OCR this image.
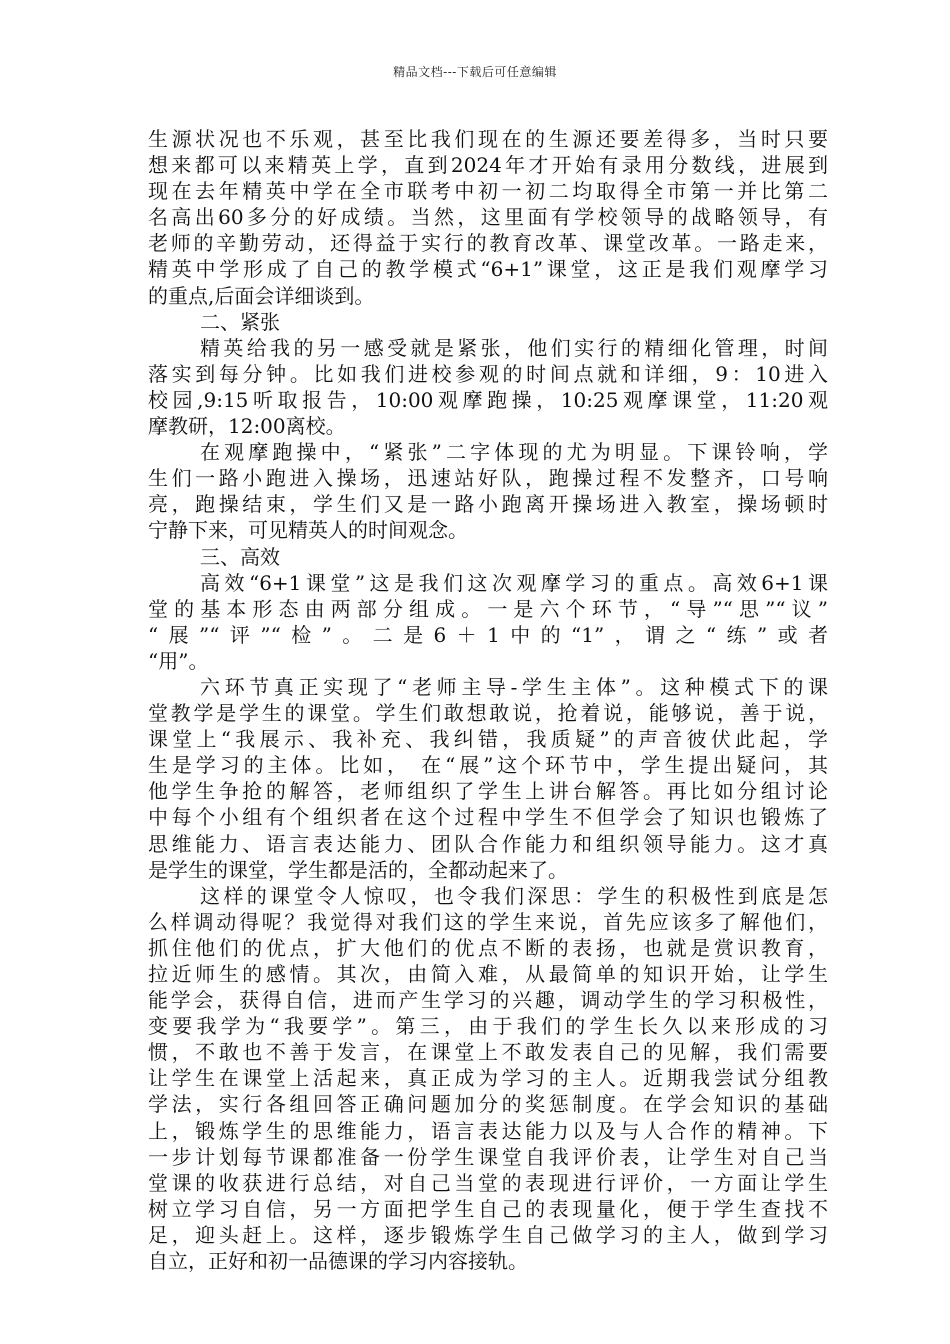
精品文档---下载后可任意编辑
生源状况也不乐观，甚至比我们现在的生源还要差得多，当时只要
想来都可以来精英上学，直到2024年才开始有录用分数线，进展到
现在去年精英中学在全市联考中初一初二均取得全市第一并比第二
名高出60多分的好成绩。当然，这里面有学校领导的战略领导，有
老师的辛勤劳动，还得益于实行的教育改革、课堂改革。一路走来，
精英中学形成了自己的教学模式“6+1”课堂，这正是我们观摩学习
的重点,后面会详细谈到。
二、紧张
精英给我的另一感受就是紧张，他们实行的精细化管理，时间
落实到每分钟。比如我们进校参观的时间点就和详细，9：10进入
校园,9:15听取报告，10:00观摩跑操，10:25观摩课堂，11:20观
摩教研，12:00离校。
在观摩跑操中，“紧张”二字体现的尤为明显。下课铃响，学
生们一路小跑进入操场，迅速站好队，跑操过程不发整齐，口号响
亮，跑操结束，学生们又是一路小跑离开操场进入教室，操场顿时
宁静下来，可见精英人的时间观念。
三、高效
高效“6+1课堂”这是我们这次观摩学习的重点。高效6+1课
堂的基本形态由两部分组成。一是六个环节，“导”“思”“议”
“展”“评”“检”。二是6＋1中的“1”，谓之“练”或者
“用”。
六环节真正实现了“老师主导-学生主体”。这种模式下的课
堂教学是学生的课堂。学生们敢想敢说，抢着说，能够说，善于说，
课堂上“我展示、我补充、我纠错，我质疑”的声音彼伏此起，学
生是学习的主体。比如， 在“展”这个环节中，学生提出疑问，其
他学生争抢的解答，老师组织了学生上讲台解答。再比如分组讨论
中每个小组有个组织者在这个过程中学生不但学会了知识也锻炼了
思维能力、语言表达能力、团队合作能力和组织领导能力。这才真
是学生的课堂，学生都是活的，全都动起来了。
这样的课堂令人惊叹，也令我们深思：学生的积极性到底是怎
么样调动得呢？我觉得对我们这的学生来说，首先应该多了解他们，
抓住他们的优点，扩大他们的优点不断的表扬，也就是赏识教育，
拉近师生的感情。其次，由简入难，从最简单的知识开始，让学生
能学会，获得自信，进而产生学习的兴趣，调动学生的学习积极性，
变要我学为“我要学”。第三，由于我们的学生长久以来形成的习
惯，不敢也不善于发言，在课堂上不敢发表自己的见解，我们需要
让学生在课堂上活起来，真正成为学习的主人。近期我尝试分组教
学法，实行各组回答正确问题加分的奖惩制度。在学会知识的基础
上，锻炼学生的思维能力，语言表达能力以及与人合作的精神。下
一步计划每节课都准备一份学生课堂自我评价表，让学生对自己当
堂课的收获进行总结，对自己当堂的表现进行评价，一方面让学生
树立学习自信，另一方面把学生自己的表现量化，便于学生查找不
足，迎头赶上。这样，逐步锻炼学生自己做学习的主人，做到学习
自立，正好和初一品德课的学习内容接轨。
